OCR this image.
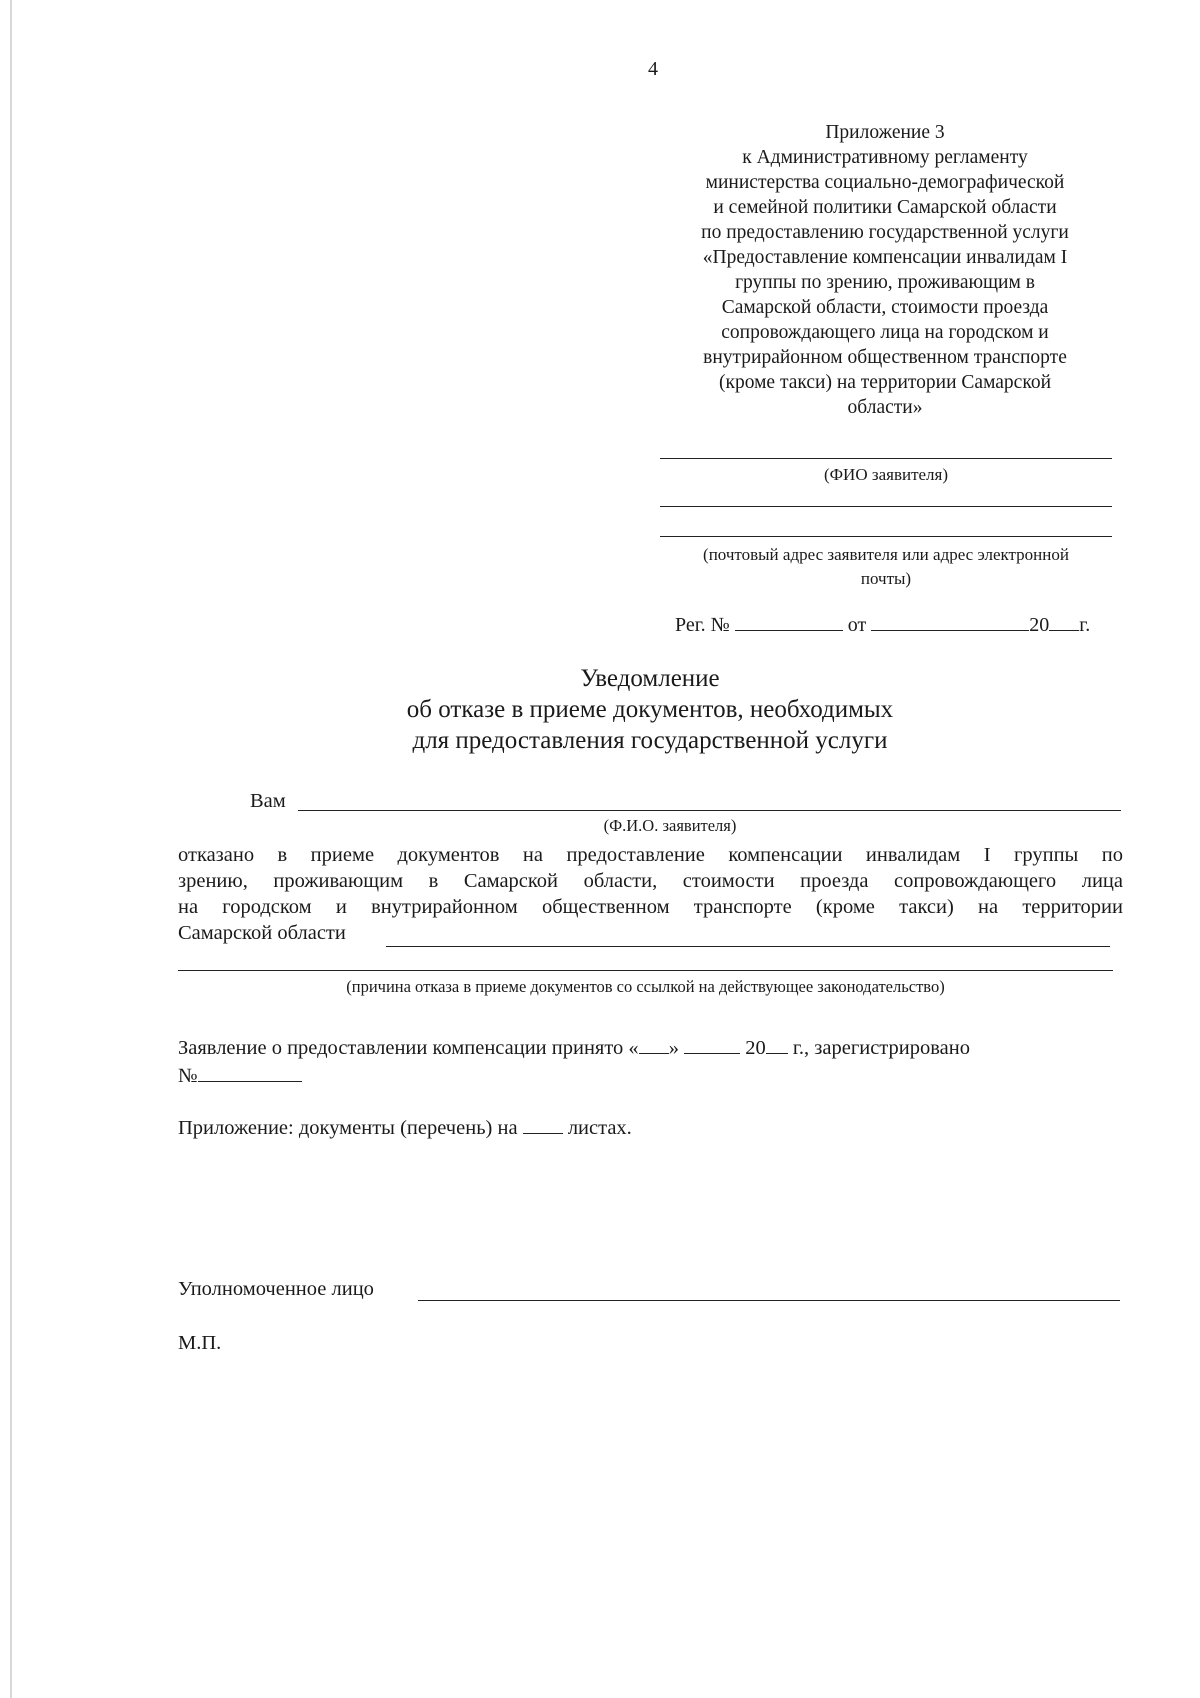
4
Приложение 3
к Административному регламенту
министерства социально-демографической
и семейной политики Самарской области
по предоставлению государственной услуги
«Предоставление компенсации инвалидам I
группы по зрению, проживающим в
Самарской области, стоимости проезда
сопровождающего лица на городском и
внутрирайонном общественном транспорте
(кроме такси) на территории Самарской
области»
(ФИО заявителя)
(почтовый адрес заявителя или адрес электронной
почты)
Рег. №	от	20 г.
Уведомление
об отказе в приеме документов, необходимых
для предоставления государственной услуги
Вам
(Ф.И.О. заявителя)
отказано в приеме документов на предоставление компенсации инвалидам I группы по
зрению, проживающим в Самарской области, стоимости проезда сопровождающего лица
на городском и внутрирайонном общественном транспорте (кроме такси) на территории
Самарской области
(причина отказа в приеме документов со ссылкой на действующее законодательство)
Заявление о предоставлении компенсации принято « »	20 г., зарегистрировано
№
Приложение: документы (перечень) на листах.
Уполномоченное лицо
М.П.
